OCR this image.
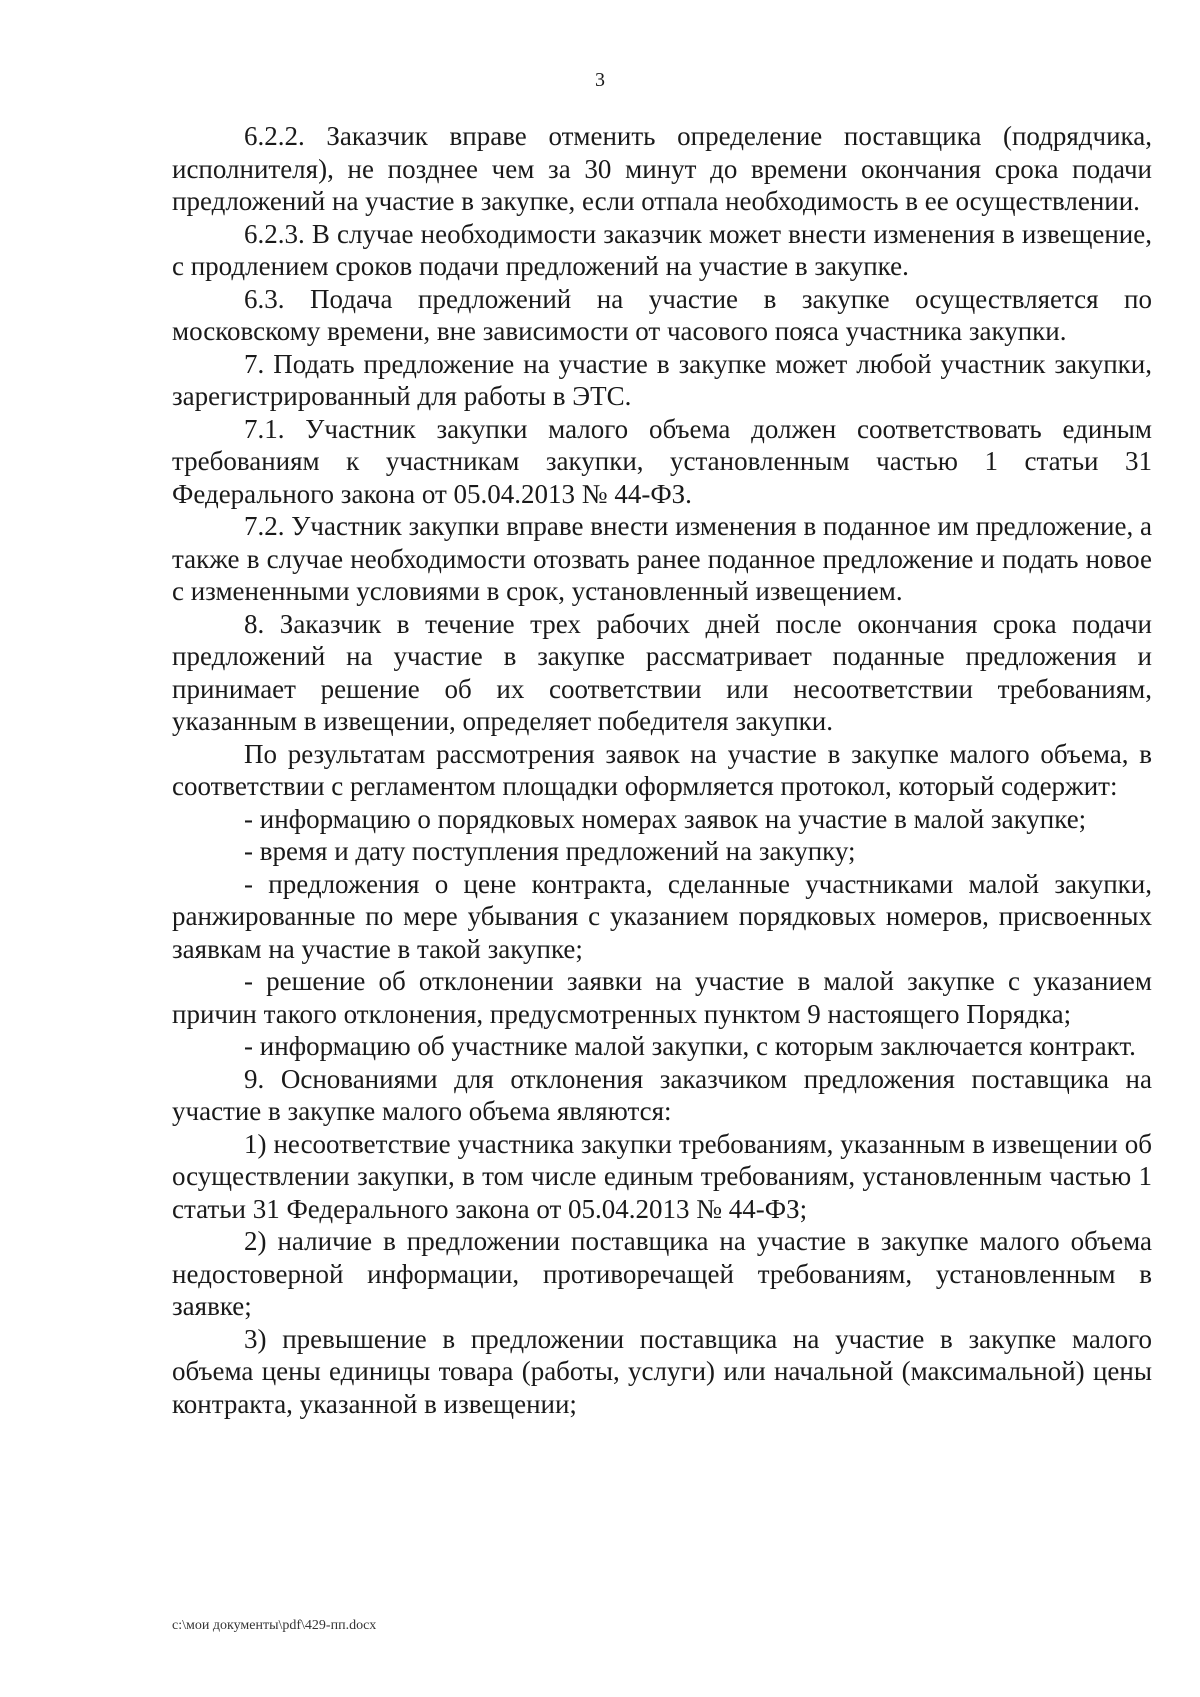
3

6.2.2. Заказчик вправе отменить определение поставщика (подрядчика, исполнителя), не позднее чем за 30 минут до времени окончания срока подачи предложений на участие в закупке, если отпала необходимость в ее осуществлении.

6.2.3. В случае необходимости заказчик может внести изменения в извещение, с продлением сроков подачи предложений на участие в закупке.

6.3. Подача предложений на участие в закупке осуществляется по московскому времени, вне зависимости от часового пояса участника закупки.

7. Подать предложение на участие в закупке может любой участник закупки, зарегистрированный для работы в ЭТС.

7.1. Участник закупки малого объема должен соответствовать единым требованиям к участникам закупки, установленным частью 1 статьи 31 Федерального закона от 05.04.2013 № 44-ФЗ.

7.2. Участник закупки вправе внести изменения в поданное им предложение, а также в случае необходимости отозвать ранее поданное предложение и подать новое с измененными условиями в срок, установленный извещением.

8. Заказчик в течение трех рабочих дней после окончания срока подачи предложений на участие в закупке рассматривает поданные предложения и принимает решение об их соответствии или несоответствии требованиям, указанным в извещении, определяет победителя закупки.

По результатам рассмотрения заявок на участие в закупке малого объема, в соответствии с регламентом площадки оформляется протокол, который содержит:

- информацию о порядковых номерах заявок на участие в малой закупке;

- время и дату поступления предложений на закупку;

- предложения о цене контракта, сделанные участниками малой закупки, ранжированные по мере убывания с указанием порядковых номеров, присвоенных заявкам на участие в такой закупке;

- решение об отклонении заявки на участие в малой закупке с указанием причин такого отклонения, предусмотренных пунктом 9 настоящего Порядка;

- информацию об участнике малой закупки, с которым заключается контракт.

9. Основаниями для отклонения заказчиком предложения поставщика на участие в закупке малого объема являются:

1) несоответствие участника закупки требованиям, указанным в извещении об осуществлении закупки, в том числе единым требованиям, установленным частью 1 статьи 31 Федерального закона от 05.04.2013 № 44-ФЗ;

2) наличие в предложении поставщика на участие в закупке малого объема недостоверной информации, противоречащей требованиям, установленным в заявке;

3) превышение в предложении поставщика на участие в закупке малого объема цены единицы товара (работы, услуги) или начальной (максимальной) цены контракта, указанной в извещении;

c:\мои документы\pdf\429-пп.docx
